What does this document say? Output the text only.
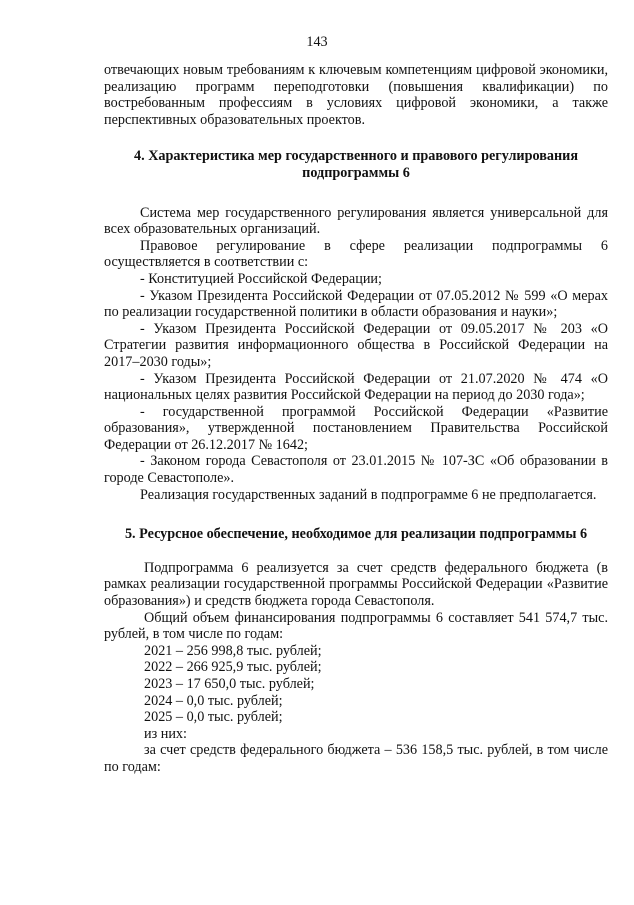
143

отвечающих новым требованиям к ключевым компетенциям цифровой экономики, реализацию программ переподготовки (повышения квалификации) по востребованным профессиям в условиях цифровой экономики, а также перспективных образовательных проектов.

4. Характеристика мер государственного и правового регулирования подпрограммы 6

Система мер государственного регулирования является универсальной для всех образовательных организаций.

Правовое регулирование в сфере реализации подпрограммы 6 осуществляется в соответствии с:

- Конституцией Российской Федерации;

- Указом Президента Российской Федерации от 07.05.2012 № 599 «О мерах по реализации государственной политики в области образования и науки»;

- Указом Президента Российской Федерации от 09.05.2017 № 203 «О Стратегии развития информационного общества в Российской Федерации на 2017–2030 годы»;

- Указом Президента Российской Федерации от 21.07.2020 № 474 «О национальных целях развития Российской Федерации на период до 2030 года»;

- государственной программой Российской Федерации «Развитие образования», утвержденной постановлением Правительства Российской Федерации от 26.12.2017 № 1642;

- Законом города Севастополя от 23.01.2015 № 107-ЗС «Об образовании в городе Севастополе».

Реализация государственных заданий в подпрограмме 6 не предполагается.

5. Ресурсное обеспечение, необходимое для реализации подпрограммы 6

Подпрограмма 6 реализуется за счет средств федерального бюджета (в рамках реализации государственной программы Российской Федерации «Развитие образования») и средств бюджета города Севастополя.

Общий объем финансирования подпрограммы 6 составляет 541 574,7 тыс. рублей, в том числе по годам:

2021 – 256 998,8 тыс. рублей;

2022 – 266 925,9 тыс. рублей;

2023 – 17 650,0 тыс. рублей;

2024 – 0,0 тыс. рублей;

2025 – 0,0 тыс. рублей;

из них:

за счет средств федерального бюджета – 536 158,5 тыс. рублей, в том числе по годам:
